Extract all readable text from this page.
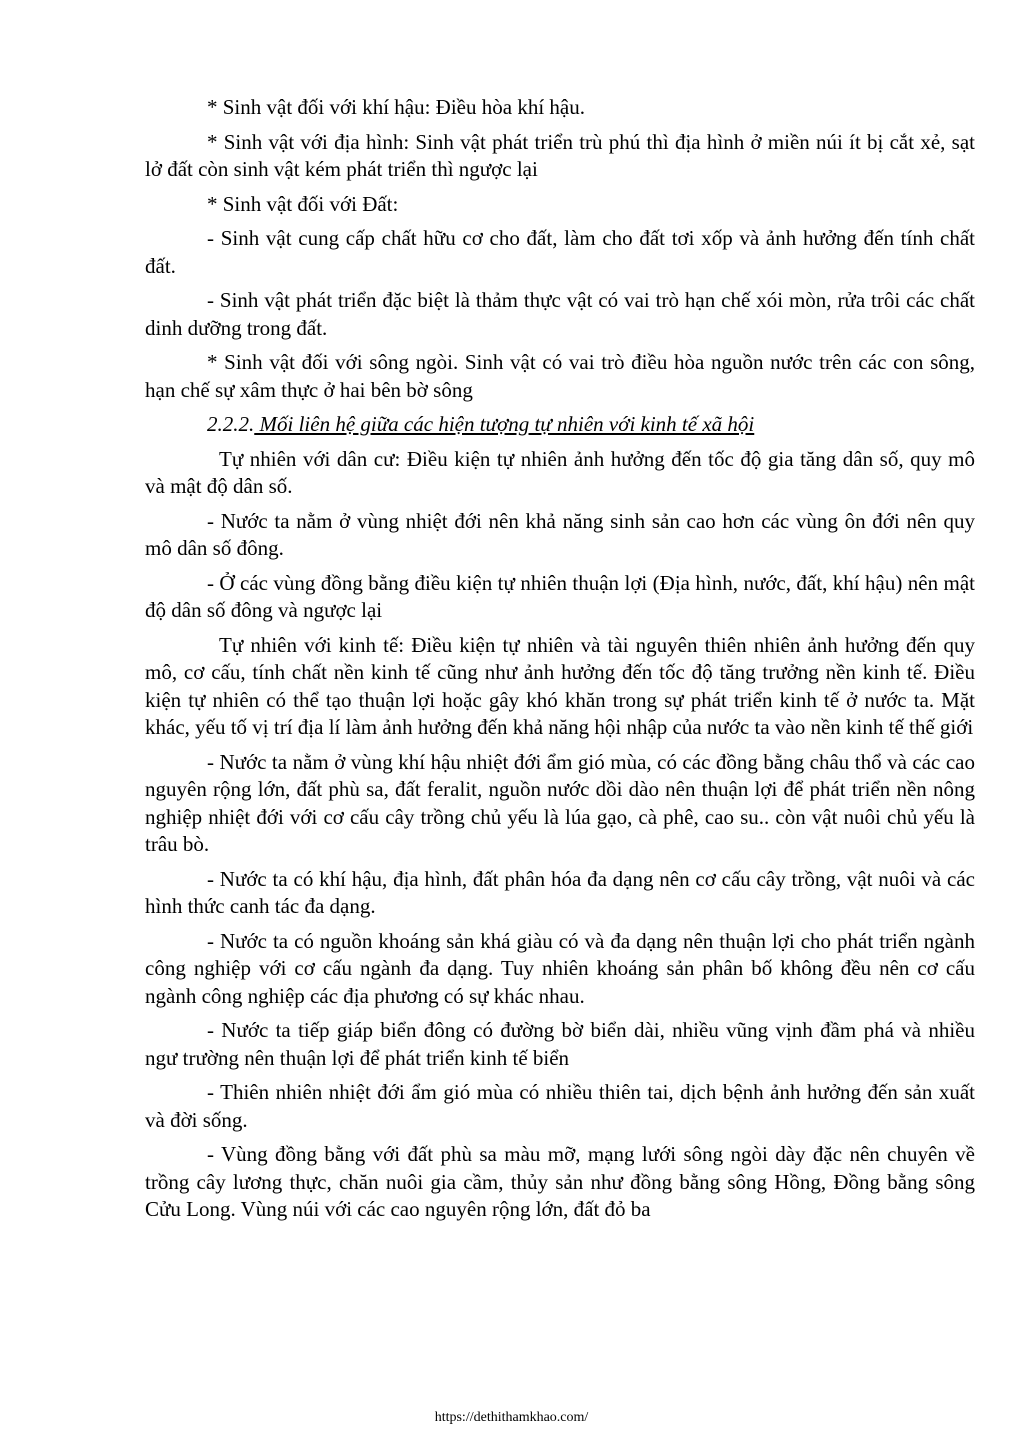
* Sinh vật đối với khí hậu: Điều hòa khí hậu.

* Sinh vật với địa hình: Sinh vật phát triển trù phú thì địa hình ở miền núi ít bị cắt xẻ, sạt lở đất còn sinh vật kém phát triển thì ngược lại

* Sinh vật đối với Đất:

- Sinh vật cung cấp chất hữu cơ cho đất, làm cho đất tơi xốp và ảnh hưởng đến tính chất đất.

- Sinh vật phát triển đặc biệt là thảm thực vật có vai trò hạn chế xói mòn, rửa trôi các chất dinh dưỡng trong đất.

* Sinh vật đối với sông ngòi. Sinh vật có vai trò điều hòa nguồn nước trên các con sông, hạn chế sự xâm thực ở hai bên bờ sông

2.2.2. Mối liên hệ giữa các hiện tượng tự nhiên với kinh tế xã hội

Tự nhiên với dân cư: Điều kiện tự nhiên ảnh hưởng đến tốc độ gia tăng dân số, quy mô và mật độ dân số.

- Nước ta nằm ở vùng nhiệt đới nên khả năng sinh sản cao hơn các vùng ôn đới nên quy mô dân số đông.

- Ở các vùng đồng bằng điều kiện tự nhiên thuận lợi (Địa hình, nước, đất, khí hậu) nên mật độ dân số đông và ngược lại

Tự nhiên với kinh tế: Điều kiện tự nhiên và tài nguyên thiên nhiên ảnh hưởng đến quy mô, cơ cấu, tính chất nền kinh tế cũng như ảnh hưởng đến tốc độ tăng trưởng nền kinh tế. Điều kiện tự nhiên có thể tạo thuận lợi hoặc gây khó khăn trong sự phát triển kinh tế ở nước ta. Mặt khác, yếu tố vị trí địa lí làm ảnh hưởng đến khả năng hội nhập của nước ta vào nền kinh tế thế giới

- Nước ta nằm ở vùng khí hậu nhiệt đới ẩm gió mùa, có các đồng bằng châu thổ và các cao nguyên rộng lớn, đất phù sa, đất feralit, nguồn nước dồi dào nên thuận lợi để phát triển nền nông nghiệp nhiệt đới với cơ cấu cây trồng chủ yếu là lúa gạo, cà phê, cao su.. còn vật nuôi chủ yếu là trâu bò.

- Nước ta có khí hậu, địa hình, đất phân hóa đa dạng nên cơ cấu cây trồng, vật nuôi và các hình thức canh tác đa dạng.

- Nước ta có nguồn khoáng sản khá giàu có và đa dạng nên thuận lợi cho phát triển ngành công nghiệp với cơ cấu ngành đa dạng. Tuy nhiên khoáng sản phân bố không đều nên cơ cấu ngành công nghiệp các địa phương có sự khác nhau.

- Nước ta tiếp giáp biển đông có đường bờ biển dài, nhiều vũng vịnh đầm phá và nhiều ngư trường nên thuận lợi để phát triển kinh tế biển

- Thiên nhiên nhiệt đới ẩm gió mùa có nhiều thiên tai, dịch bệnh ảnh hưởng đến sản xuất và đời sống.

- Vùng đồng bằng với đất phù sa màu mỡ, mạng lưới sông ngòi dày đặc nên chuyên về trồng cây lương thực, chăn nuôi gia cầm, thủy sản như đồng bằng sông Hồng, Đồng bằng sông Cửu Long. Vùng núi với các cao nguyên rộng lớn, đất đỏ ba

https://dethithamkhao.com/
